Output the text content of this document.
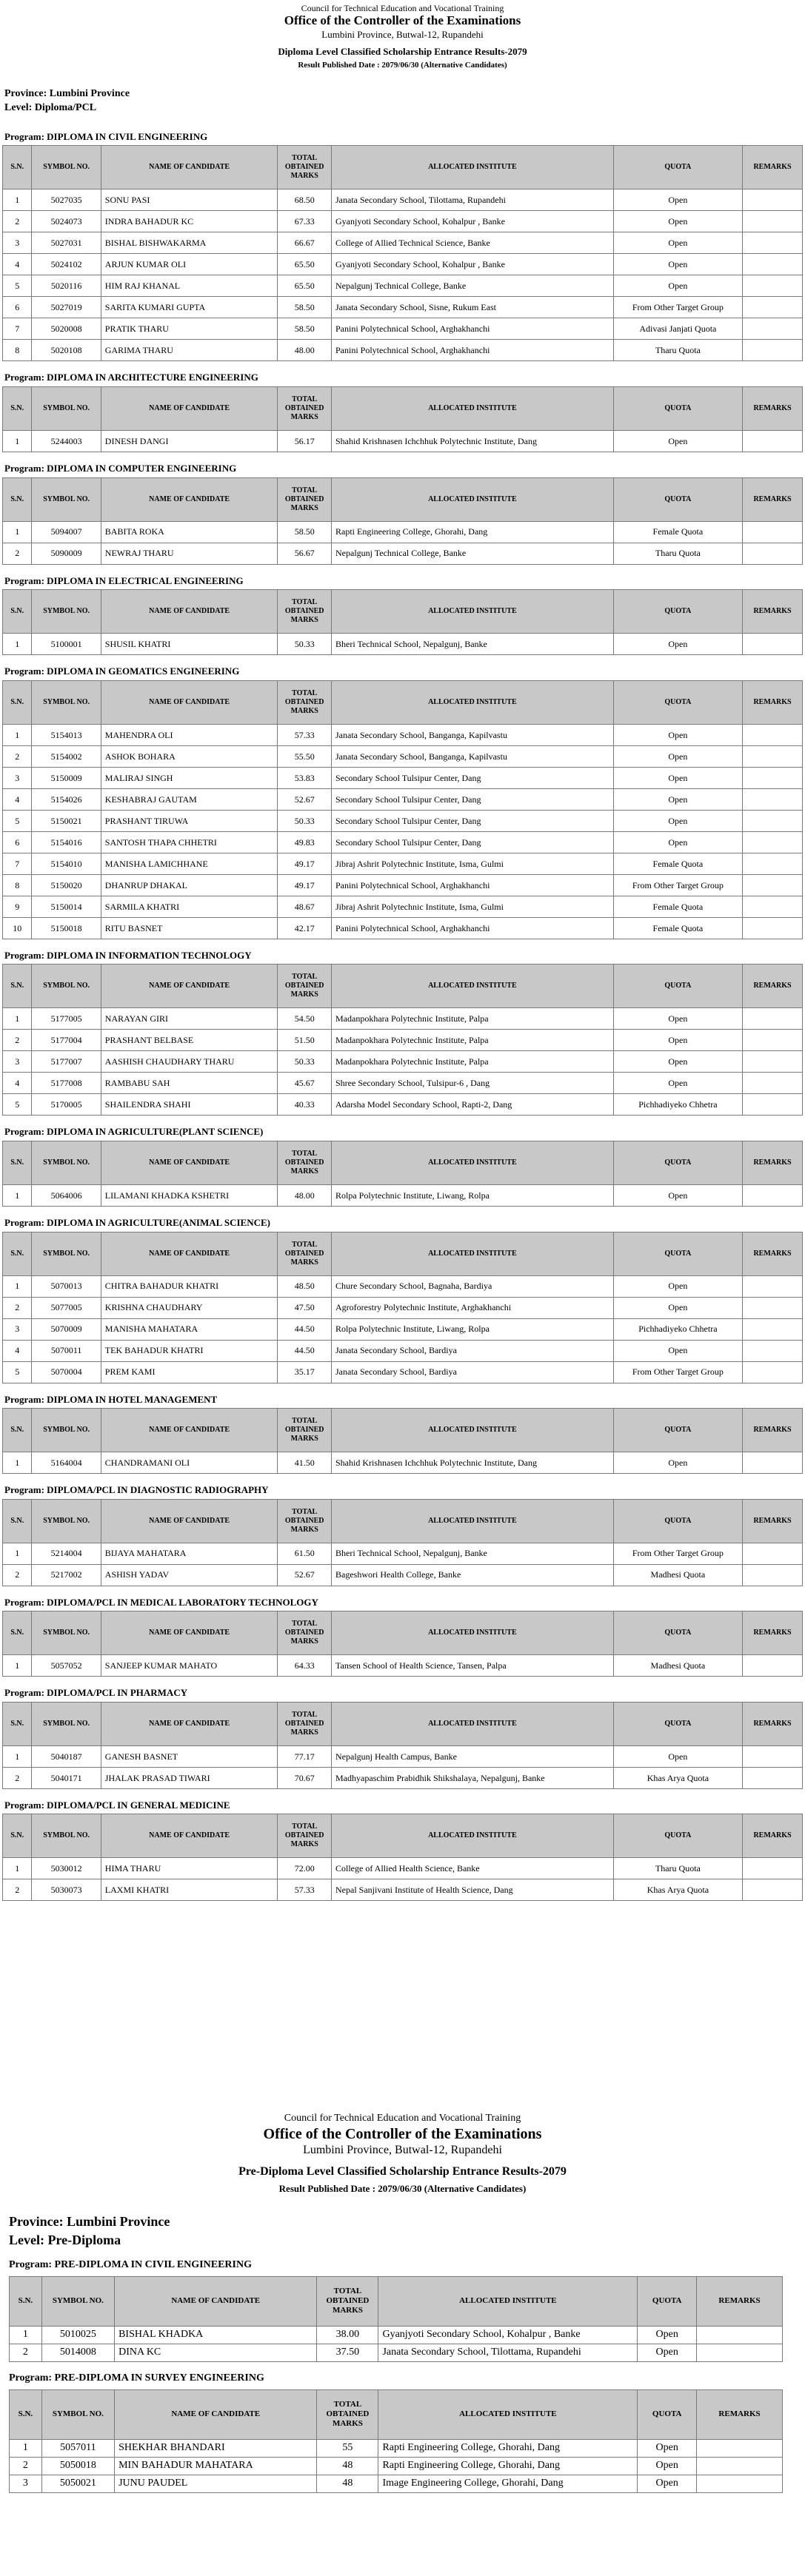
Council for Technical Education and Vocational Training
Office of the Controller of the Examinations
Lumbini Province, Butwal-12, Rupandehi
Diploma Level Classified Scholarship Entrance Results-2079
Result Published Date : 2079/06/30 (Alternative Candidates)
Province: Lumbini Province
Level: Diploma/PCL
Program: DIPLOMA IN CIVIL ENGINEERING
S.N.	SYMBOL NO.	NAME OF CANDIDATE	TOTAL OBTAINED MARKS	ALLOCATED INSTITUTE	QUOTA	REMARKS
1	5027035	SONU PASI	68.50	Janata Secondary School, Tilottama, Rupandehi	Open	
2	5024073	INDRA BAHADUR KC	67.33	Gyanjyoti Secondary School, Kohalpur , Banke	Open	
3	5027031	BISHAL BISHWAKARMA	66.67	College of Allied Technical Science, Banke	Open	
4	5024102	ARJUN KUMAR OLI	65.50	Gyanjyoti Secondary School, Kohalpur , Banke	Open	
5	5020116	HIM RAJ KHANAL	65.50	Nepalgunj Technical College, Banke	Open	
6	5027019	SARITA KUMARI GUPTA	58.50	Janata Secondary School, Sisne, Rukum East	From Other Target Group	
7	5020008	PRATIK THARU	58.50	Panini Polytechnical School, Arghakhanchi	Adivasi Janjati Quota	
8	5020108	GARIMA THARU	48.00	Panini Polytechnical School, Arghakhanchi	Tharu Quota	
Program: DIPLOMA IN ARCHITECTURE ENGINEERING
S.N.	SYMBOL NO.	NAME OF CANDIDATE	TOTAL OBTAINED MARKS	ALLOCATED INSTITUTE	QUOTA	REMARKS
1	5244003	DINESH DANGI	56.17	Shahid Krishnasen Ichchhuk Polytechnic Institute, Dang	Open	
Program: DIPLOMA IN COMPUTER ENGINEERING
S.N.	SYMBOL NO.	NAME OF CANDIDATE	TOTAL OBTAINED MARKS	ALLOCATED INSTITUTE	QUOTA	REMARKS
1	5094007	BABITA ROKA	58.50	Rapti Engineering College, Ghorahi, Dang	Female Quota	
2	5090009	NEWRAJ THARU	56.67	Nepalgunj Technical College, Banke	Tharu Quota	
Program: DIPLOMA IN ELECTRICAL ENGINEERING
S.N.	SYMBOL NO.	NAME OF CANDIDATE	TOTAL OBTAINED MARKS	ALLOCATED INSTITUTE	QUOTA	REMARKS
1	5100001	SHUSIL KHATRI	50.33	Bheri Technical School, Nepalgunj, Banke	Open	
Program: DIPLOMA IN GEOMATICS ENGINEERING
S.N.	SYMBOL NO.	NAME OF CANDIDATE	TOTAL OBTAINED MARKS	ALLOCATED INSTITUTE	QUOTA	REMARKS
1	5154013	MAHENDRA OLI	57.33	Janata Secondary School, Banganga, Kapilvastu	Open	
2	5154002	ASHOK BOHARA	55.50	Janata Secondary School, Banganga, Kapilvastu	Open	
3	5150009	MALIRAJ SINGH	53.83	Secondary School Tulsipur Center, Dang	Open	
4	5154026	KESHABRAJ GAUTAM	52.67	Secondary School Tulsipur Center, Dang	Open	
5	5150021	PRASHANT TIRUWA	50.33	Secondary School Tulsipur Center, Dang	Open	
6	5154016	SANTOSH THAPA CHHETRI	49.83	Secondary School Tulsipur Center, Dang	Open	
7	5154010	MANISHA LAMICHHANE	49.17	Jibraj Ashrit Polytechnic Institute, Isma, Gulmi	Female Quota	
8	5150020	DHANRUP DHAKAL	49.17	Panini Polytechnical School, Arghakhanchi	From Other Target Group	
9	5150014	SARMILA KHATRI	48.67	Jibraj Ashrit Polytechnic Institute, Isma, Gulmi	Female Quota	
10	5150018	RITU BASNET	42.17	Panini Polytechnical School, Arghakhanchi	Female Quota	
Program: DIPLOMA IN INFORMATION TECHNOLOGY
S.N.	SYMBOL NO.	NAME OF CANDIDATE	TOTAL OBTAINED MARKS	ALLOCATED INSTITUTE	QUOTA	REMARKS
1	5177005	NARAYAN GIRI	54.50	Madanpokhara Polytechnic Institute, Palpa	Open	
2	5177004	PRASHANT BELBASE	51.50	Madanpokhara Polytechnic Institute, Palpa	Open	
3	5177007	AASHISH CHAUDHARY THARU	50.33	Madanpokhara Polytechnic Institute, Palpa	Open	
4	5177008	RAMBABU SAH	45.67	Shree Secondary School, Tulsipur-6 , Dang	Open	
5	5170005	SHAILENDRA SHAHI	40.33	Adarsha Model Secondary School, Rapti-2, Dang	Pichhadiyeko Chhetra	
Program: DIPLOMA IN AGRICULTURE(PLANT SCIENCE)
S.N.	SYMBOL NO.	NAME OF CANDIDATE	TOTAL OBTAINED MARKS	ALLOCATED INSTITUTE	QUOTA	REMARKS
1	5064006	LILAMANI KHADKA KSHETRI	48.00	Rolpa Polytechnic Institute, Liwang, Rolpa	Open	
Program: DIPLOMA IN AGRICULTURE(ANIMAL SCIENCE)
S.N.	SYMBOL NO.	NAME OF CANDIDATE	TOTAL OBTAINED MARKS	ALLOCATED INSTITUTE	QUOTA	REMARKS
1	5070013	CHITRA BAHADUR KHATRI	48.50	Chure Secondary School, Bagnaha, Bardiya	Open	
2	5077005	KRISHNA CHAUDHARY	47.50	Agroforestry Polytechnic Institute, Arghakhanchi	Open	
3	5070009	MANISHA MAHATARA	44.50	Rolpa Polytechnic Institute, Liwang, Rolpa	Pichhadiyeko Chhetra	
4	5070011	TEK BAHADUR KHATRI	44.50	Janata Secondary School, Bardiya	Open	
5	5070004	PREM KAMI	35.17	Janata Secondary School, Bardiya	From Other Target Group	
Program: DIPLOMA IN HOTEL MANAGEMENT
S.N.	SYMBOL NO.	NAME OF CANDIDATE	TOTAL OBTAINED MARKS	ALLOCATED INSTITUTE	QUOTA	REMARKS
1	5164004	CHANDRAMANI OLI	41.50	Shahid Krishnasen Ichchhuk Polytechnic Institute, Dang	Open	
Program: DIPLOMA/PCL IN DIAGNOSTIC RADIOGRAPHY
S.N.	SYMBOL NO.	NAME OF CANDIDATE	TOTAL OBTAINED MARKS	ALLOCATED INSTITUTE	QUOTA	REMARKS
1	5214004	BIJAYA MAHATARA	61.50	Bheri Technical School, Nepalgunj, Banke	From Other Target Group	
2	5217002	ASHISH YADAV	52.67	Bageshwori Health College, Banke	Madhesi Quota	
Program: DIPLOMA/PCL IN MEDICAL LABORATORY TECHNOLOGY
S.N.	SYMBOL NO.	NAME OF CANDIDATE	TOTAL OBTAINED MARKS	ALLOCATED INSTITUTE	QUOTA	REMARKS
1	5057052	SANJEEP KUMAR MAHATO	64.33	Tansen School of Health Science, Tansen, Palpa	Madhesi Quota	
Program: DIPLOMA/PCL IN PHARMACY
S.N.	SYMBOL NO.	NAME OF CANDIDATE	TOTAL OBTAINED MARKS	ALLOCATED INSTITUTE	QUOTA	REMARKS
1	5040187	GANESH BASNET	77.17	Nepalgunj Health Campus, Banke	Open	
2	5040171	JHALAK PRASAD TIWARI	70.67	Madhyapaschim Prabidhik Shikshalaya, Nepalgunj, Banke	Khas Arya Quota	
Program: DIPLOMA/PCL IN GENERAL MEDICINE
S.N.	SYMBOL NO.	NAME OF CANDIDATE	TOTAL OBTAINED MARKS	ALLOCATED INSTITUTE	QUOTA	REMARKS
1	5030012	HIMA THARU	72.00	College of Allied Health Science, Banke	Tharu Quota	
2	5030073	LAXMI KHATRI	57.33	Nepal Sanjivani Institute of Health Science, Dang	Khas Arya Quota	
Council for Technical Education and Vocational Training
Office of the Controller of the Examinations
Lumbini Province, Butwal-12, Rupandehi
Pre-Diploma Level Classified Scholarship Entrance Results-2079
Result Published Date : 2079/06/30 (Alternative Candidates)
Province: Lumbini Province
Level: Pre-Diploma
Program: PRE-DIPLOMA IN CIVIL ENGINEERING
S.N.	SYMBOL NO.	NAME OF CANDIDATE	TOTAL OBTAINED MARKS	ALLOCATED INSTITUTE	QUOTA	REMARKS
1	5010025	BISHAL KHADKA	38.00	Gyanjyoti Secondary School, Kohalpur , Banke	Open	
2	5014008	DINA KC	37.50	Janata Secondary School, Tilottama, Rupandehi	Open	
Program: PRE-DIPLOMA IN SURVEY ENGINEERING
S.N.	SYMBOL NO.	NAME OF CANDIDATE	TOTAL OBTAINED MARKS	ALLOCATED INSTITUTE	QUOTA	REMARKS
1	5057011	SHEKHAR BHANDARI	55	Rapti Engineering College, Ghorahi, Dang	Open	
2	5050018	MIN BAHADUR MAHATARA	48	Rapti Engineering College, Ghorahi, Dang	Open	
3	5050021	JUNU PAUDEL	48	Image Engineering College, Ghorahi, Dang	Open	
